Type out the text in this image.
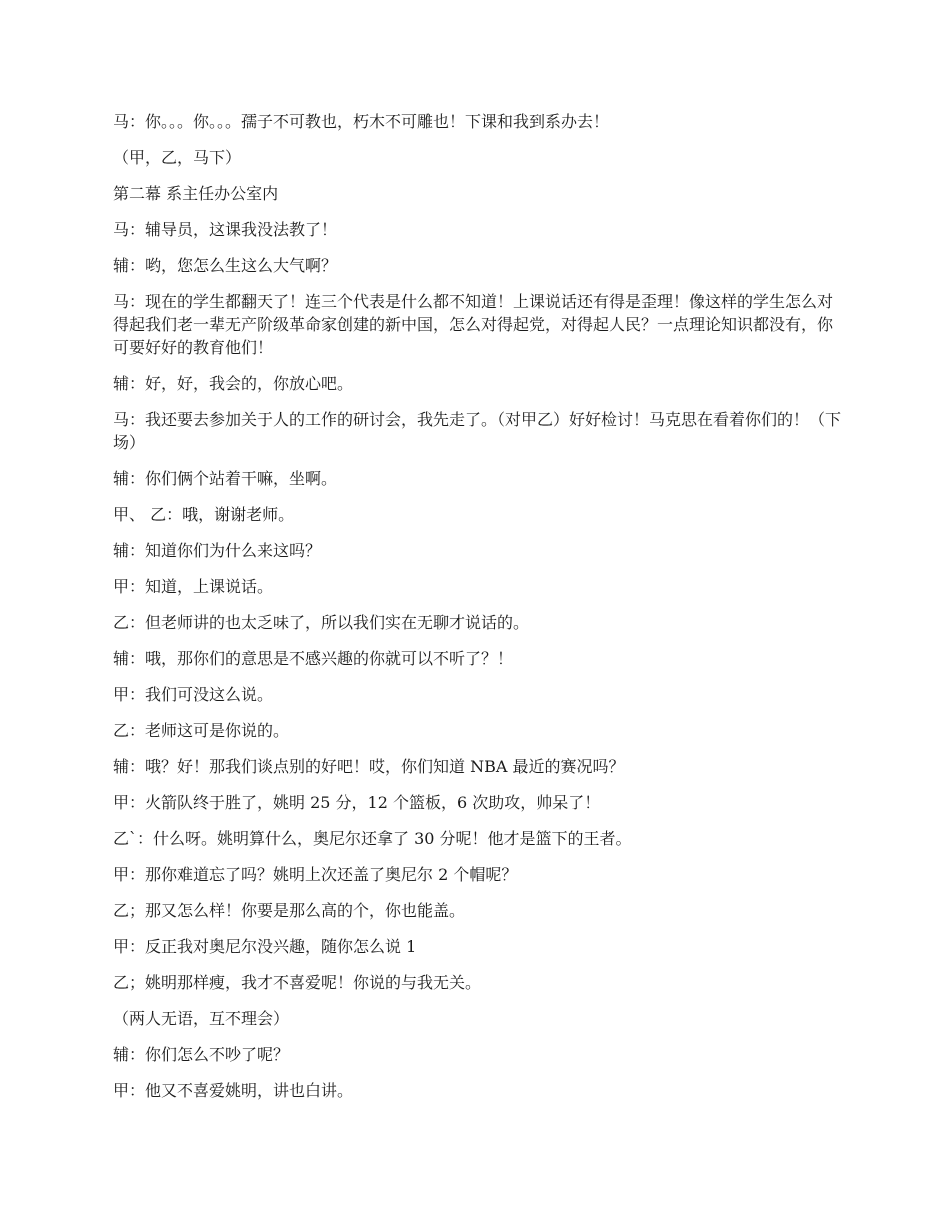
马：你。。。你。。。孺子不可教也，朽木不可雕也！下课和我到系办去！

（甲，乙，马下）

第二幕 系主任办公室内

马：辅导员，这课我没法教了！

辅：哟，您怎么生这么大气啊？

马：现在的学生都翻天了！连三个代表是什么都不知道！上课说话还有得是歪理！像这样的学生怎么对得起我们老一辈无产阶级革命家创建的新中国，怎么对得起党，对得起人民？一点理论知识都没有，你可要好好的教育他们！

辅：好，好，我会的，你放心吧。

马：我还要去参加关于人的工作的研讨会，我先走了。（对甲乙）好好检讨！马克思在看着你们的！（下场）

辅：你们俩个站着干嘛，坐啊。

甲、 乙：哦，谢谢老师。

辅：知道你们为什么来这吗？

甲：知道，上课说话。

乙：但老师讲的也太乏味了，所以我们实在无聊才说话的。

辅：哦，那你们的意思是不感兴趣的你就可以不听了？！

甲：我们可没这么说。

乙：老师这可是你说的。

辅：哦？好！那我们谈点别的好吧！哎，你们知道 NBA 最近的赛况吗？

甲：火箭队终于胜了，姚明 25 分，12 个篮板，6 次助攻，帅呆了！

乙`：什么呀。姚明算什么，奥尼尔还拿了 30 分呢！他才是篮下的王者。

甲：那你难道忘了吗？姚明上次还盖了奥尼尔 2 个帽呢？

乙；那又怎么样！你要是那么高的个，你也能盖。

甲：反正我对奥尼尔没兴趣，随你怎么说 1

乙；姚明那样瘦，我才不喜爱呢！你说的与我无关。

（两人无语，互不理会）

辅：你们怎么不吵了呢？

甲：他又不喜爱姚明，讲也白讲。
